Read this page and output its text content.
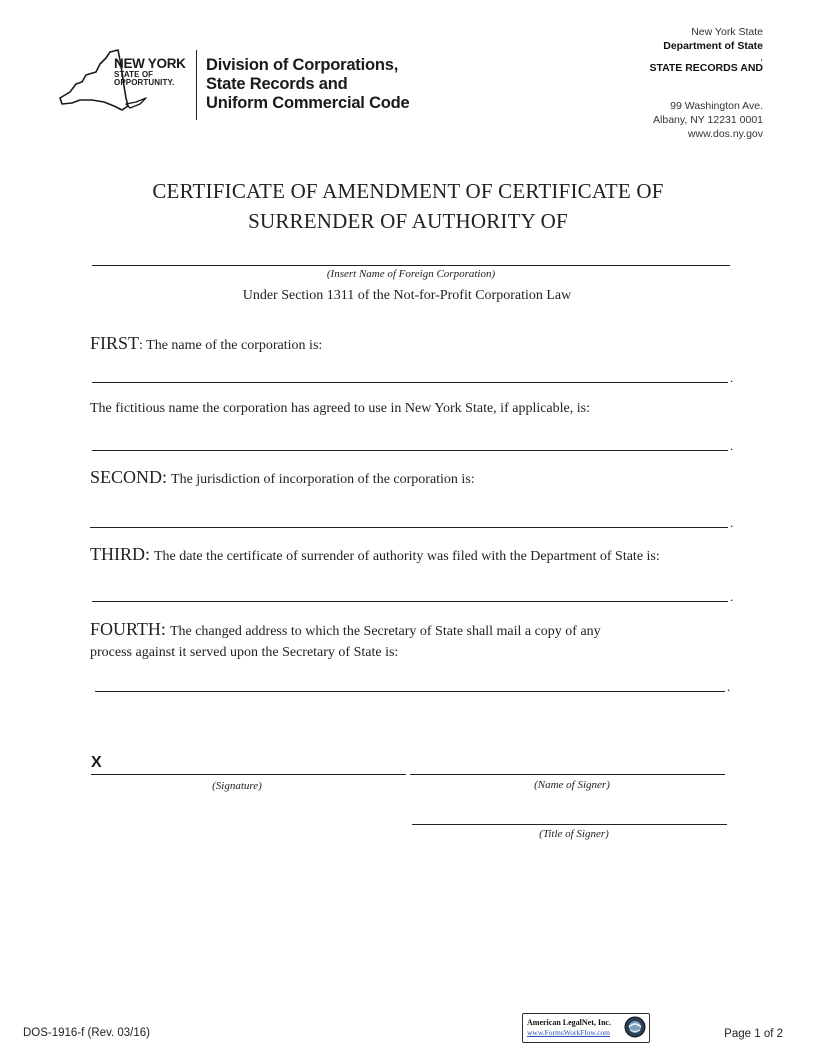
NEW YORK
STATE OF
OPPORTUNITY.
Division of Corporations,
State Records and
Uniform Commercial Code
New York State
Department of State
,
STATE RECORDS AND
99 Washington Ave.
Albany, NY 12231 0001
www.dos.ny.gov
CERTIFICATE OF AMENDMENT OF CERTIFICATE OF
SURRENDER OF AUTHORITY OF
(Insert Name of Foreign Corporation)
Under Section 1311 of the Not-for-Profit Corporation Law
FIRST: The name of the corporation is:
.
The fictitious name the corporation has agreed to use in New York State, if applicable, is:
.
SECOND: The jurisdiction of incorporation of the corporation is:
.
THIRD: The date the certificate of surrender of authority was filed with the Department of State is:
.
FOURTH: The changed address to which the Secretary of State shall mail a copy of any
process against it served upon the Secretary of State is:
.
X
(Signature)	(Name of Signer)
(Title of Signer)
DOS-1916-f (Rev. 03/16)
American LegalNet, Inc.
www.FormsWorkFlow.com	Page 1 of 2
